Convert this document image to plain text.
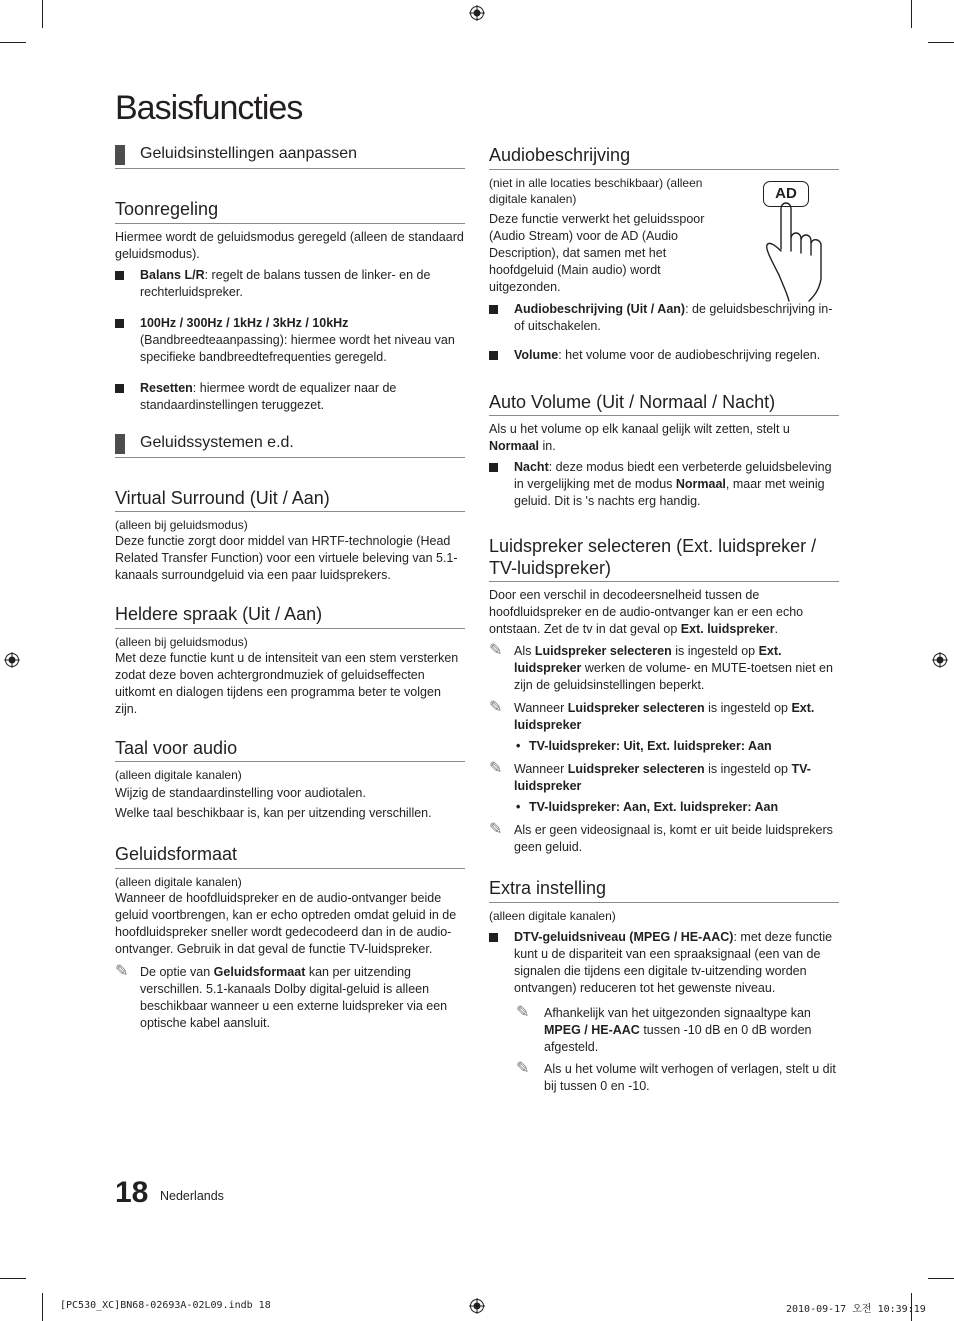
Basisfuncties
Geluidsinstellingen aanpassen
Toonregeling

Hiermee wordt de geluidsmodus geregeld (alleen de standaard geluidsmodus).

Balans L/R: regelt de balans tussen de linker- en de rechterluidspreker.
100Hz / 300Hz / 1kHz / 3kHz / 10kHz
(Bandbreedteaanpassing): hiermee wordt het niveau van specifieke bandbreedtefrequenties geregeld.
Resetten: hiermee wordt de equalizer naar de standaardinstellingen teruggezet.
Geluidssystemen e.d.
Virtual Surround (Uit / Aan)

(alleen bij geluidsmodus)

Deze functie zorgt door middel van HRTF-technologie (Head Related Transfer Function) voor een virtuele beleving van 5.1-kanaals surroundgeluid via een paar luidsprekers.

Heldere spraak (Uit / Aan)

(alleen bij geluidsmodus)

Met deze functie kunt u de intensiteit van een stem versterken zodat deze boven achtergrondmuziek of geluidseffecten uitkomt en dialogen tijdens een programma beter te volgen zijn.

Taal voor audio

(alleen digitale kanalen)

Wijzig de standaardinstelling voor audiotalen.

Welke taal beschikbaar is, kan per uitzending verschillen.

Geluidsformaat

(alleen digitale kanalen)

Wanneer de hoofdluidspreker en de audio-ontvanger beide geluid voortbrengen, kan er echo optreden omdat geluid in de hoofdluidspreker sneller wordt gedecodeerd dan in de audio-ontvanger. Gebruik in dat geval de functie TV-luidspreker.

✎ De optie van Geluidsformaat kan per uitzending verschillen. 5.1-kanaals Dolby digital-geluid is alleen beschikbaar wanneer u een externe luidspreker via een optische kabel aansluit.
Audiobeschrijving

(niet in alle locaties beschikbaar) (alleen digitale kanalen)

Deze functie verwerkt het geluidsspoor (Audio Stream) voor de AD (Audio Description), dat samen met het hoofdgeluid (Main audio) wordt uitgezonden.

AD
Audiobeschrijving (Uit / Aan): de geluidsbeschrijving in- of uitschakelen.
Volume: het volume voor de audiobeschrijving regelen.
Auto Volume (Uit / Normaal / Nacht)

Als u het volume op elk kanaal gelijk wilt zetten, stelt u Normaal in.

Nacht: deze modus biedt een verbeterde geluidsbeleving in vergelijking met de modus Normaal, maar met weinig geluid. Dit is 's nachts erg handig.
Luidspreker selecteren (Ext. luidspreker / TV-luidspreker)

Door een verschil in decodeersnelheid tussen de hoofdluidspreker en de audio-ontvanger kan er een echo ontstaan. Zet de tv in dat geval op Ext. luidspreker.

✎ Als Luidspreker selecteren is ingesteld op Ext. luidspreker werken de volume- en MUTE-toetsen niet en zijn de geluidsinstellingen beperkt.
✎ Wanneer Luidspreker selecteren is ingesteld op Ext. luidspreker
• TV-luidspreker: Uit, Ext. luidspreker: Aan
✎ Wanneer Luidspreker selecteren is ingesteld op TV-luidspreker
• TV-luidspreker: Aan, Ext. luidspreker: Aan
✎ Als er geen videosignaal is, komt er uit beide luidsprekers geen geluid.
Extra instelling

(alleen digitale kanalen)

DTV-geluidsniveau (MPEG / HE-AAC): met deze functie kunt u de dispariteit van een spraaksignaal (een van de signalen die tijdens een digitale tv-uitzending worden ontvangen) reduceren tot het gewenste niveau.
✎ Afhankelijk van het uitgezonden signaaltype kan MPEG / HE-AAC tussen -10 dB en 0 dB worden afgesteld.
✎ Als u het volume wilt verhogen of verlagen, stelt u dit bij tussen 0 en -10.
18 Nederlands
[PC530_XC]BN68-02693A-02L09.indb 18	2010-09-17 오전 10:39:19
